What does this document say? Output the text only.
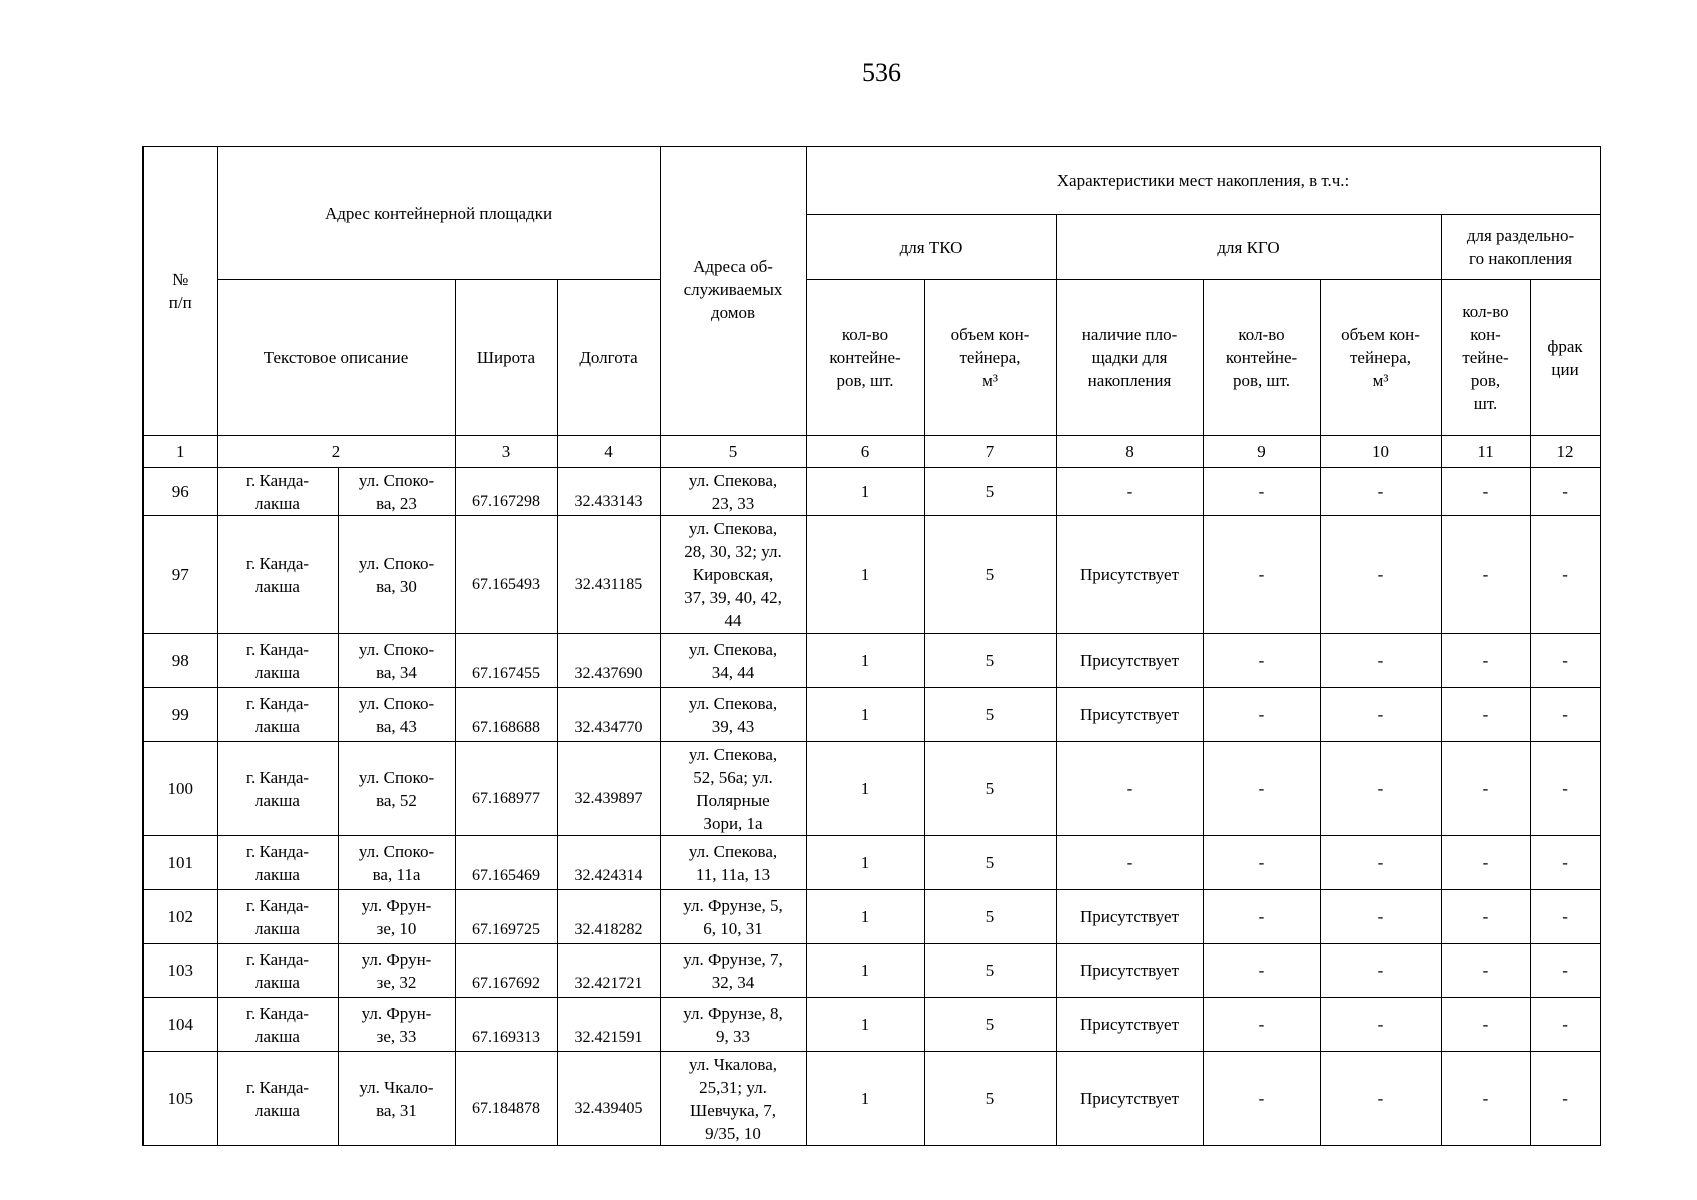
536
№
п/п	Адрес контейнерной площадки				Адреса об-
служиваемых
домов	Характеристики мест накопления, в т.ч.:						
						для ТКО		для КГО			для раздельно-
го накопления	
						кол-во
контейне-
ров, шт.	объем кон-
тейнера,
м³	наличие пло-
щадки для
накопления	кол-во
контейне-
ров, шт.	объем кон-
тейнера,
м³	кол-во
кон-
тейне-
ров,
шт.	фрак
ции
	Текстовое описание		Широта	Долгота								
1	2		3	4	5	6	7	8	9	10	11	12
96	г. Канда-
лакша	ул. Споко-
ва, 23	67.167298	32.433143	ул. Спекова,
23, 33	1	5	-	-	-	-	-
97	г. Канда-
лакша	ул. Споко-
ва, 30	67.165493	32.431185	ул. Спекова,
28, 30, 32; ул.
Кировская,
37, 39, 40, 42,
44	1	5	Присутствует	-	-	-	-
98	г. Канда-
лакша	ул. Споко-
ва, 34	67.167455	32.437690	ул. Спекова,
34, 44	1	5	Присутствует	-	-	-	-
99	г. Канда-
лакша	ул. Споко-
ва, 43	67.168688	32.434770	ул. Спекова,
39, 43	1	5	Присутствует	-	-	-	-
100	г. Канда-
лакша	ул. Споко-
ва, 52	67.168977	32.439897	ул. Спекова,
52, 56а; ул.
Полярные
Зори, 1а	1	5	-	-	-	-	-
101	г. Канда-
лакша	ул. Споко-
ва, 11а	67.165469	32.424314	ул. Спекова,
11, 11а, 13	1	5	-	-	-	-	-
102	г. Канда-
лакша	ул. Фрун-
зе, 10	67.169725	32.418282	ул. Фрунзе, 5,
6, 10, 31	1	5	Присутствует	-	-	-	-
103	г. Канда-
лакша	ул. Фрун-
зе, 32	67.167692	32.421721	ул. Фрунзе, 7,
32, 34	1	5	Присутствует	-	-	-	-
104	г. Канда-
лакша	ул. Фрун-
зе, 33	67.169313	32.421591	ул. Фрунзе, 8,
9, 33	1	5	Присутствует	-	-	-	-
105	г. Канда-
лакша	ул. Чкало-
ва, 31	67.184878	32.439405	ул. Чкалова,
25,31; ул.
Шевчука, 7,
9/35, 10	1	5	Присутствует	-	-	-	-
